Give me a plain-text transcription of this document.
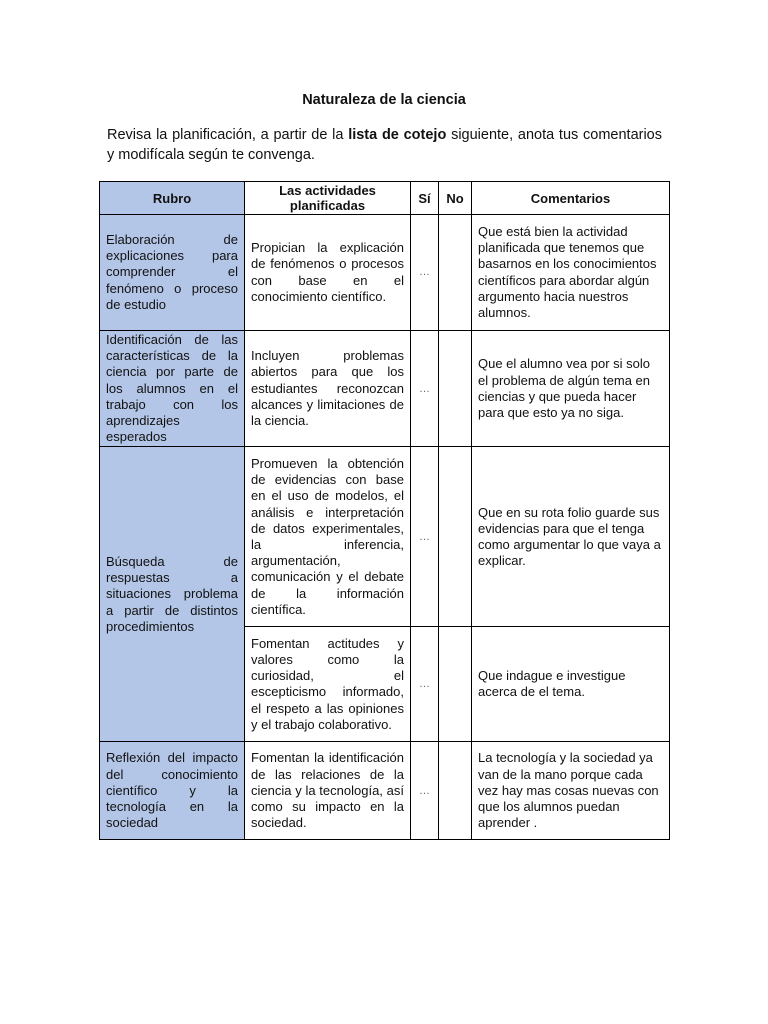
Naturaleza de la ciencia

Revisa la planificación, a partir de la lista de cotejo siguiente, anota tus comentarios y modifícala según te convenga.

Rubro	Las actividades planificadas	Sí	No	Comentarios
Elaboración de explicaciones para comprender el fenómeno o proceso de estudio	Propician la explicación de fenómenos o procesos con base en el conocimiento científico.	…		Que está bien la actividad planificada que tenemos que basarnos en los conocimientos científicos para abordar algún argumento hacia nuestros alumnos.
Identificación de las características de la ciencia por parte de los alumnos en el trabajo con los aprendizajes esperados	Incluyen problemas abiertos para que los estudiantes reconozcan alcances y limitaciones de la ciencia.	…		Que el alumno vea por si solo el problema de algún tema en ciencias y que pueda hacer para que esto ya no siga.
Búsqueda de respuestas a situaciones problema a partir de distintos procedimientos	Promueven la obtención de evidencias con base en el uso de modelos, el análisis e interpretación de datos experimentales, la inferencia, argumentación, comunicación y el debate de la información científica.	…		Que en su rota folio guarde sus evidencias para que el tenga como argumentar lo que vaya a explicar.
	Fomentan actitudes y valores como la curiosidad, el escepticismo informado, el respeto a las opiniones y el trabajo colaborativo.	…		Que indague e investigue acerca de el tema.
Reflexión del impacto del conocimiento científico y la tecnología en la sociedad	Fomentan la identificación de las relaciones de la ciencia y la tecnología, así como su impacto en la sociedad.	…		La tecnología y la sociedad ya van de la mano porque cada vez hay mas cosas nuevas con que los alumnos puedan aprender .
